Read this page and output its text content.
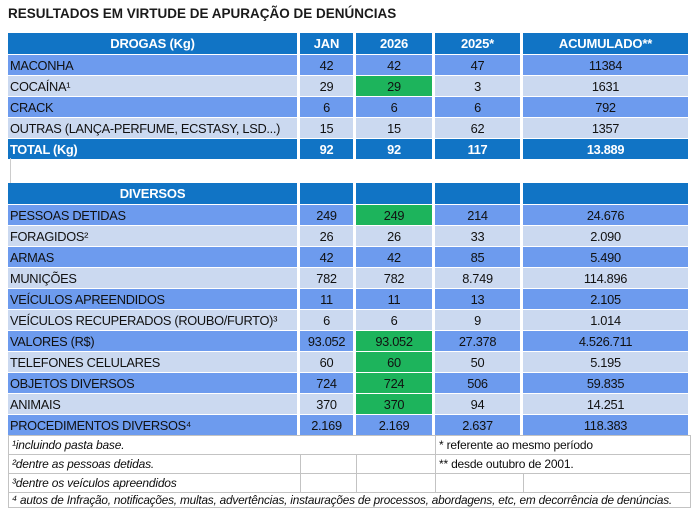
RESULTADOS EM VIRTUDE DE APURAÇÃO DE DENÚNCIAS
DROGAS (Kg)	JAN	2026	2025*	ACUMULADO**
MACONHA	42	42	47	11384
COCAÍNA¹	29	29	3	1631
CRACK	6	6	6	792
OUTRAS (LANÇA-PERFUME, ECSTASY, LSD...)	15	15	62	1357
TOTAL (Kg)	92	92	117	13.889
DIVERSOS				
PESSOAS DETIDAS	249	249	214	24.676
FORAGIDOS²	26	26	33	2.090
ARMAS	42	42	85	5.490
MUNIÇÕES	782	782	8.749	114.896
VEÍCULOS APREENDIDOS	11	11	13	2.105
VEÍCULOS RECUPERADOS (ROUBO/FURTO)³	6	6	9	1.014
VALORES (R$)	93.052	93.052	27.378	4.526.711
TELEFONES CELULARES	60	60	50	5.195
OBJETOS DIVERSOS	724	724	506	59.835
ANIMAIS	370	370	94	14.251
PROCEDIMENTOS DIVERSOS⁴	2.169	2.169	2.637	118.383
¹incluindo pasta base.			* referente ao mesmo período	
²dentre as pessoas detidas.			** desde outubro de 2001.	
³dentre os veículos apreendidos				
⁴ autos de Infração, notificações, multas, advertências, instaurações de processos, abordagens, etc, em decorrência de denúncias.				
